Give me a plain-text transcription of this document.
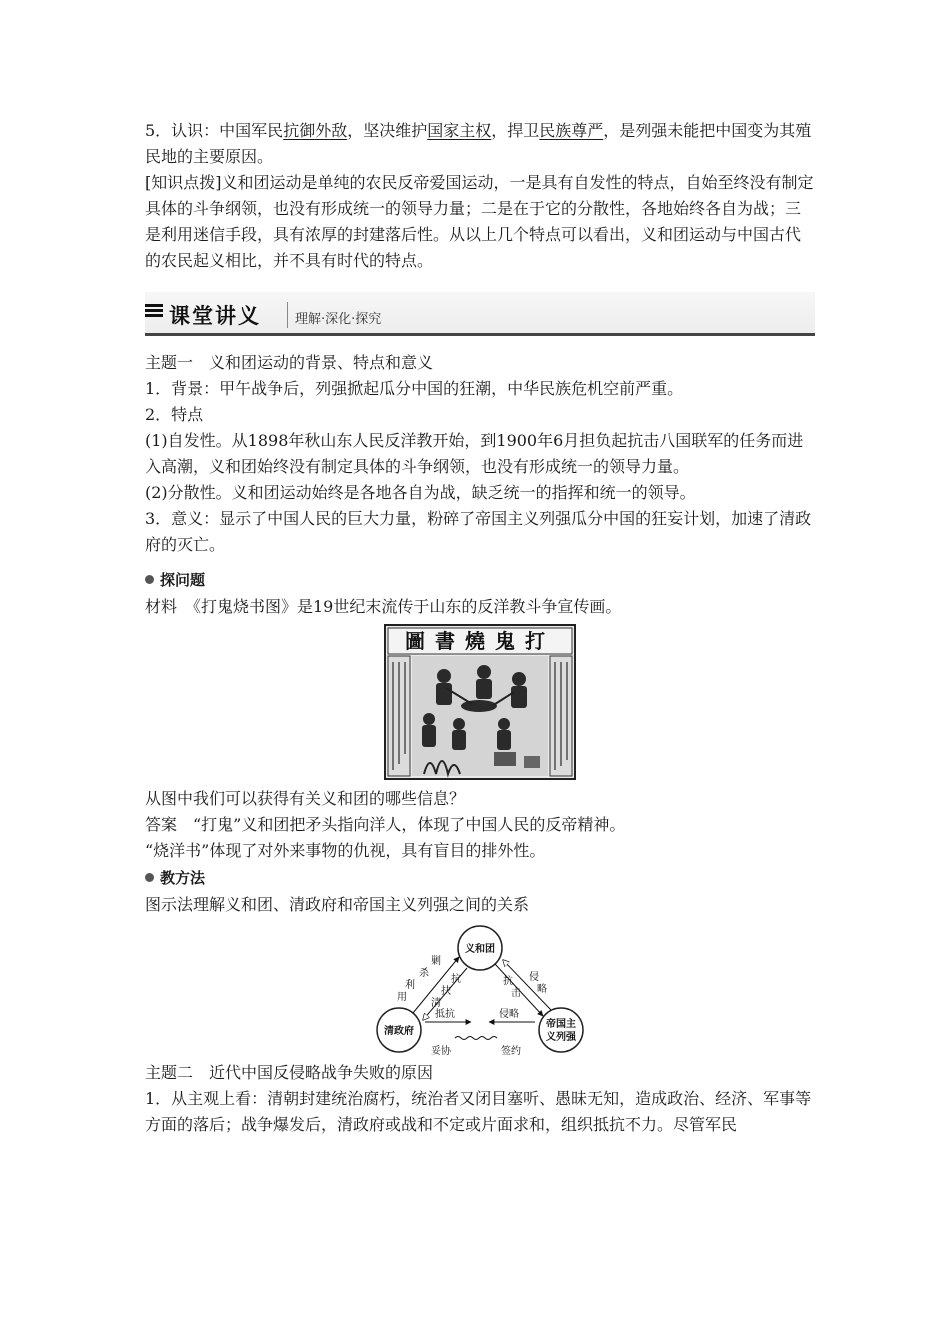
5．认识：中国军民抗御外敌，坚决维护国家主权，捍卫民族尊严，是列强未能把中国变为其殖民地的主要原因。

[知识点拨]义和团运动是单纯的农民反帝爱国运动，一是具有自发性的特点，自始至终没有制定具体的斗争纲领，也没有形成统一的领导力量；二是在于它的分散性，各地始终各自为战；三是利用迷信手段，具有浓厚的封建落后性。从以上几个特点可以看出，义和团运动与中国古代的农民起义相比，并不具有时代的特点。

课堂讲义	理解·深化·探究

主题一　义和团运动的背景、特点和意义

1．背景：甲午战争后，列强掀起瓜分中国的狂潮，中华民族危机空前严重。

2．特点

(1)自发性。从1898年秋山东人民反洋教开始，到1900年6月担负起抗击八国联军的任务而进入高潮，义和团始终没有制定具体的斗争纲领，也没有形成统一的领导力量。

(2)分散性。义和团运动始终是各地各自为战，缺乏统一的指挥和统一的领导。

3．意义：显示了中国人民的巨大力量，粉碎了帝国主义列强瓜分中国的狂妄计划，加速了清政府的灭亡。

探问题

材料　《打鬼烧书图》是19世纪末流传于山东的反洋教斗争宣传画。

圖書燒鬼打

从图中我们可以获得有关义和团的哪些信息？

答案　“打鬼”义和团把矛头指向洋人，体现了中国人民的反帝精神。

“烧洋书”体现了对外来事物的仇视，具有盲目的排外性。

教方法

图示法理解义和团、清政府和帝国主义列强之间的关系

义和团
清政府
帝国主
义列强
利
用
杀
剿
抗
扶
清
抗
击
侵
略
抵抗	侵略
妥协	签约

主题二　近代中国反侵略战争失败的原因

1．从主观上看：清朝封建统治腐朽，统治者又闭目塞听、愚昧无知，造成政治、经济、军事等方面的落后；战争爆发后，清政府或战和不定或片面求和，组织抵抗不力。尽管军民
